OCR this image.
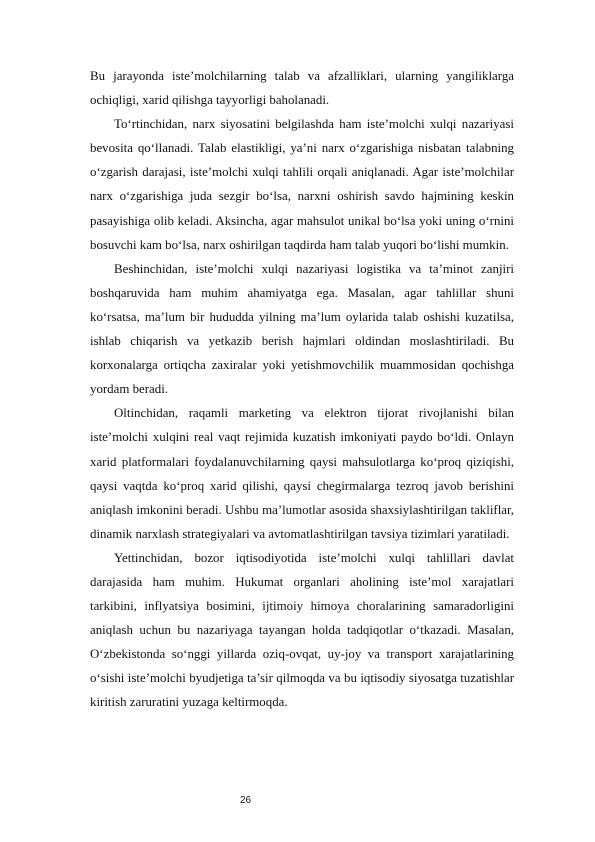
Bu jarayonda iste’molchilarning talab va afzalliklari, ularning yangiliklarga ochiqligi, xarid qilishga tayyorligi baholanadi.

To‘rtinchidan, narx siyosatini belgilashda ham iste’molchi xulqi nazariyasi bevosita qo‘llanadi. Talab elastikligi, ya’ni narx o‘zgarishiga nisbatan talabning o‘zgarish darajasi, iste’molchi xulqi tahlili orqali aniqlanadi. Agar iste’molchilar narx o‘zgarishiga juda sezgir bo‘lsa, narxni oshirish savdo hajmining keskin pasayishiga olib keladi. Aksincha, agar mahsulot unikal bo‘lsa yoki uning o‘rnini bosuvchi kam bo‘lsa, narx oshirilgan taqdirda ham talab yuqori bo‘lishi mumkin.

Beshinchidan, iste’molchi xulqi nazariyasi logistika va ta’minot zanjiri boshqaruvida ham muhim ahamiyatga ega. Masalan, agar tahlillar shuni ko‘rsatsa, ma’lum bir hududda yilning ma’lum oylarida talab oshishi kuzatilsa, ishlab chiqarish va yetkazib berish hajmlari oldindan moslashtiriladi. Bu korxonalarga ortiqcha zaxiralar yoki yetishmovchilik muammosidan qochishga yordam beradi.

Oltinchidan, raqamli marketing va elektron tijorat rivojlanishi bilan iste’molchi xulqini real vaqt rejimida kuzatish imkoniyati paydo bo‘ldi. Onlayn xarid platformalari foydalanuvchilarning qaysi mahsulotlarga ko‘proq qiziqishi, qaysi vaqtda ko‘proq xarid qilishi, qaysi chegirmalarga tezroq javob berishini aniqlash imkonini beradi. Ushbu ma’lumotlar asosida shaxsiylashtirilgan takliflar, dinamik narxlash strategiyalari va avtomatlashtirilgan tavsiya tizimlari yaratiladi.

Yettinchidan, bozor iqtisodiyotida iste’molchi xulqi tahlillari davlat darajasida ham muhim. Hukumat organlari aholining iste’mol xarajatlari tarkibini, inflyatsiya bosimini, ijtimoiy himoya choralarining samaradorligini aniqlash uchun bu nazariyaga tayangan holda tadqiqotlar o‘tkazadi. Masalan, O‘zbekistonda so‘nggi yillarda oziq-ovqat, uy-joy va transport xarajatlarining o‘sishi iste’molchi byudjetiga ta’sir qilmoqda va bu iqtisodiy siyosatga tuzatishlar kiritish zaruratini yuzaga keltirmoqda.

26
